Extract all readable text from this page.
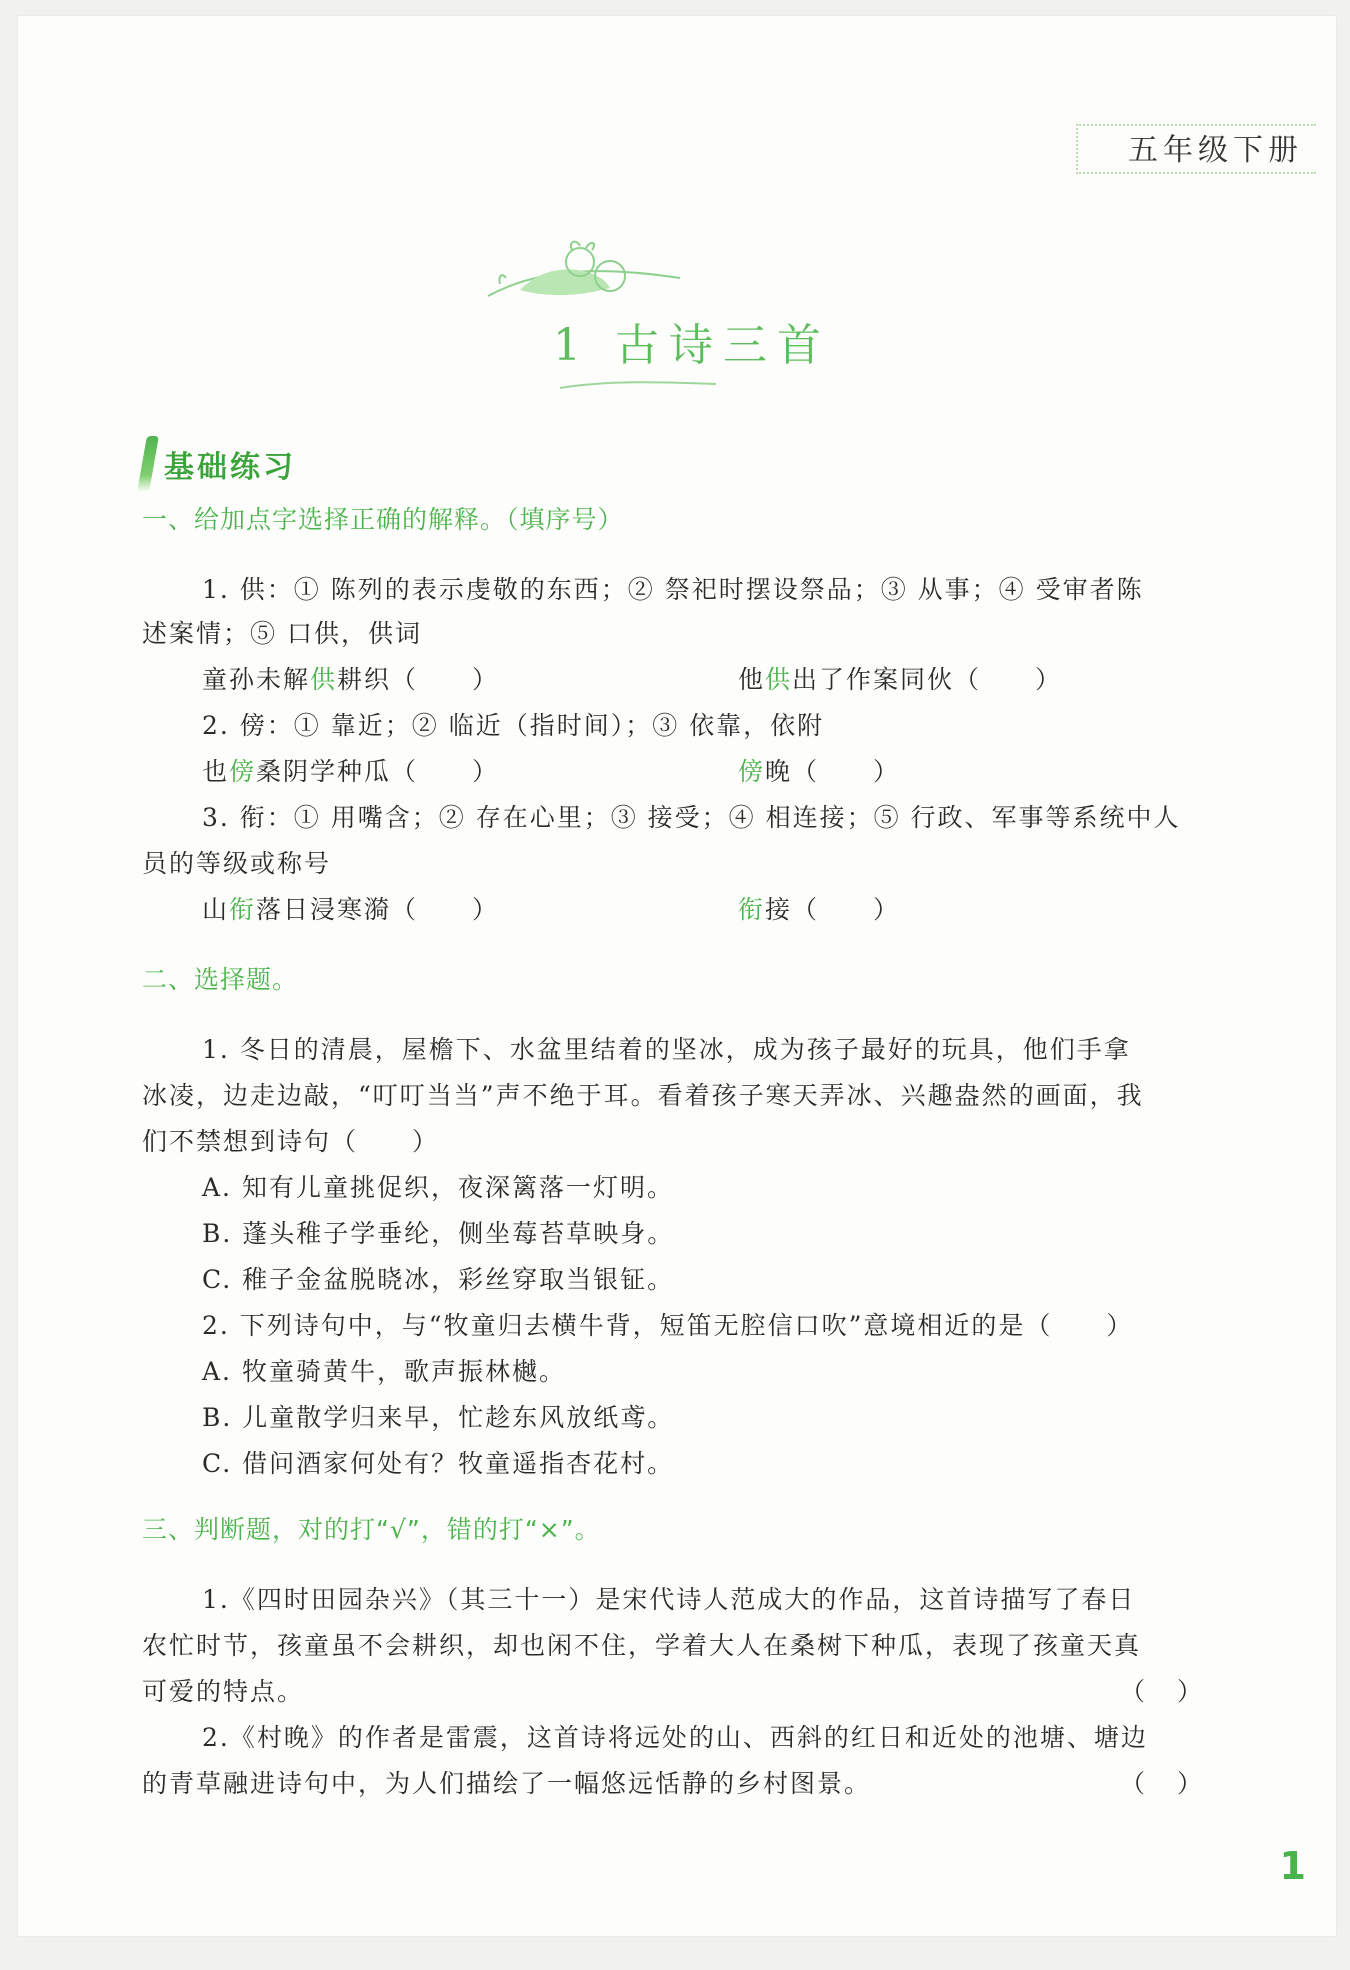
五年级下册
1 古诗三首
基础练习
一、给加点字选择正确的解释。（填序号）
1. 供：① 陈列的表示虔敬的东西；② 祭祀时摆设祭品；③ 从事；④ 受审者陈
述案情；⑤ 口供，供词
童孙未解供耕织（　　）	他供出了作案同伙（　　）
2. 傍：① 靠近；② 临近（指时间）；③ 依靠，依附
也傍桑阴学种瓜（　　）	傍晚（　　）
3. 衔：① 用嘴含；② 存在心里；③ 接受；④ 相连接；⑤ 行政、军事等系统中人
员的等级或称号
山衔落日浸寒漪（　　）	衔接（　　）
二、选择题。
1. 冬日的清晨，屋檐下、水盆里结着的坚冰，成为孩子最好的玩具，他们手拿
冰凌，边走边敲，“叮叮当当”声不绝于耳。看着孩子寒天弄冰、兴趣盎然的画面，我
们不禁想到诗句（　　）
A. 知有儿童挑促织，夜深篱落一灯明。
B. 蓬头稚子学垂纶，侧坐莓苔草映身。
C. 稚子金盆脱晓冰，彩丝穿取当银钲。
2. 下列诗句中，与“牧童归去横牛背，短笛无腔信口吹”意境相近的是（　　）
A. 牧童骑黄牛，歌声振林樾。
B. 儿童散学归来早，忙趁东风放纸鸢。
C. 借问酒家何处有？牧童遥指杏花村。
三、判断题，对的打“√”，错的打“×”。
1.《四时田园杂兴》（其三十一）是宋代诗人范成大的作品，这首诗描写了春日
农忙时节，孩童虽不会耕织，却也闲不住，学着大人在桑树下种瓜，表现了孩童天真
可爱的特点。	（ ）
2.《村晚》的作者是雷震，这首诗将远处的山、西斜的红日和近处的池塘、塘边
的青草融进诗句中，为人们描绘了一幅悠远恬静的乡村图景。	（ ）
1
